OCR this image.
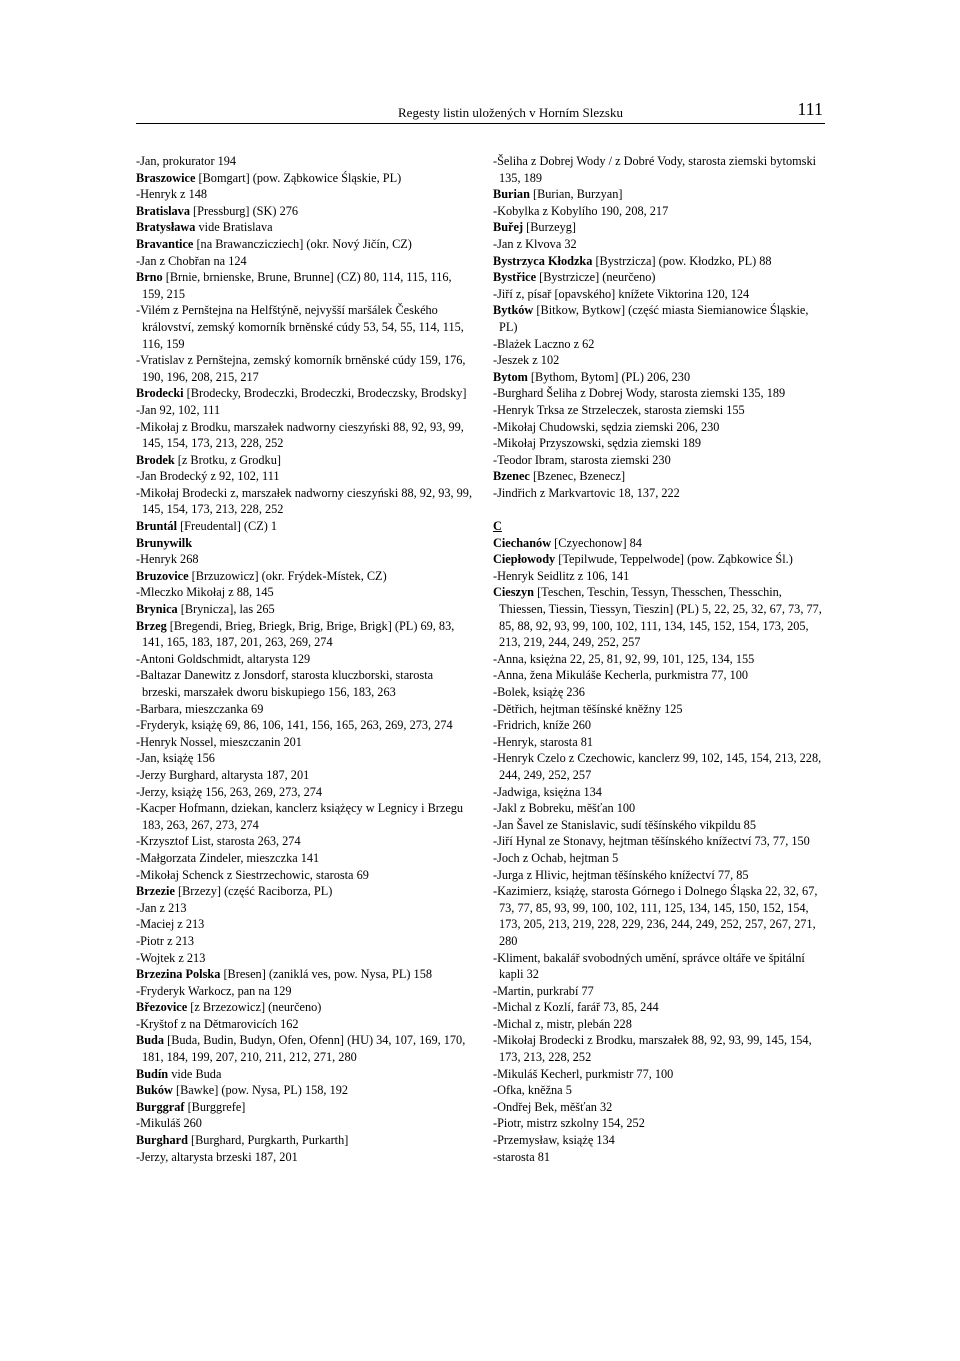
Regesty listin uložených v Horním Slezsku	111
-Jan, prokurator 194
Braszowice [Bomgart] (pow. Ząbkowice Śląskie, PL)
-Henryk z 148
Bratislava [Pressburg] (SK) 276
Bratysława vide Bratislava
Bravantice [na Brawanczicziech] (okr. Nový Jičín, CZ)
-Jan z Chobřan na 124
Brno [Brnie, brnienske, Brune, Brunne] (CZ) 80, 114, 115, 116, 159, 215
-Vilém z Pernštejna na Helfštýně, nejvyšší maršálek Českého království, zemský komorník brněnské cúdy 53, 54, 55, 114, 115, 116, 159
-Vratislav z Pernštejna, zemský komorník brněnské cúdy 159, 176, 190, 196, 208, 215, 217
Brodecki [Brodecky, Brodeczki, Brodeczki, Brodeczsky, Brodsky]
-Jan 92, 102, 111
-Mikołaj z Brodku, marszałek nadworny cieszyński 88, 92, 93, 99, 145, 154, 173, 213, 228, 252
Brodek [z Brotku, z Grodku]
-Jan Brodecký z 92, 102, 111
-Mikołaj Brodecki z, marszałek nadworny cieszyński 88, 92, 93, 99, 145, 154, 173, 213, 228, 252
Bruntál [Freudental] (CZ) 1
Brunywilk
-Henryk 268
Bruzovice [Brzuzowicz] (okr. Frýdek-Místek, CZ)
-Mleczko Mikołaj z 88, 145
Brynica [Brynicza], las 265
Brzeg [Bregendi, Brieg, Briegk, Brig, Brige, Brigk] (PL) 69, 83, 141, 165, 183, 187, 201, 263, 269, 274
-Antoni Goldschmidt, altarysta 129
-Baltazar Danewitz z Jonsdorf, starosta kluczborski, starosta brzeski, marszałek dworu biskupiego 156, 183, 263
-Barbara, mieszczanka 69
-Fryderyk, książę 69, 86, 106, 141, 156, 165, 263, 269, 273, 274
-Henryk Nossel, mieszczanin 201
-Jan, książę 156
-Jerzy Burghard, altarysta 187, 201
-Jerzy, książę 156, 263, 269, 273, 274
-Kacper Hofmann, dziekan, kanclerz książęcy w Legnicy i Brzegu 183, 263, 267, 273, 274
-Krzysztof List, starosta 263, 274
-Małgorzata Zindeler, mieszczka 141
-Mikołaj Schenck z Siestrzechowic, starosta 69
Brzezie [Brzezy] (część Raciborza, PL)
-Jan z 213
-Maciej z 213
-Piotr z 213
-Wojtek z 213
Brzezina Polska [Bresen] (zaniklá ves, pow. Nysa, PL) 158
-Fryderyk Warkocz, pan na 129
Březovice [z Brzezowicz] (neurčeno)
-Kryštof z na Dětmarovicích 162
Buda [Buda, Budin, Budyn, Ofen, Ofenn] (HU) 34, 107, 169, 170, 181, 184, 199, 207, 210, 211, 212, 271, 280
Budín vide Buda
Buków [Bawke] (pow. Nysa, PL) 158, 192
Burggraf [Burggrefe]
-Mikuláš 260
Burghard [Burghard, Purgkarth, Purkarth]
-Jerzy, altarysta brzeski 187, 201
-Šeliha z Dobrej Wody / z Dobré Vody, starosta ziemski bytomski 135, 189
Burian [Burian, Burzyan]
-Kobylka z Kobylího 190, 208, 217
Buřej [Burzeyg]
-Jan z Klvova 32
Bystrzyca Kłodzka [Bystrzicza] (pow. Kłodzko, PL) 88
Bystřice [Bystrzicze] (neurčeno)
-Jiří z, písař [opavského] knížete Viktorina 120, 124
Bytków [Bitkow, Bytkow] (część miasta Siemianowice Śląskie, PL)
-Blażek Laczno z 62
-Jeszek z 102
Bytom [Bythom, Bytom] (PL) 206, 230
-Burghard Šeliha z Dobrej Wody, starosta ziemski 135, 189
-Henryk Trksa ze Strzeleczek, starosta ziemski 155
-Mikołaj Chudowski, sędzia ziemski 206, 230
-Mikołaj Przyszowski, sędzia ziemski 189
-Teodor Ibram, starosta ziemski 230
Bzenec [Bzenec, Bzenecz]
-Jindřich z Markvartovic 18, 137, 222
C
Ciechanów [Czyechonow] 84
Ciepłowody [Tepilwude, Teppelwode] (pow. Ząbkowice Śl.)
-Henryk Seidlitz z 106, 141
Cieszyn [Teschen, Teschin, Tessyn, Thesschen, Thesschin, Thiessen, Tiessin, Tiessyn, Tieszin] (PL) 5, 22, 25, 32, 67, 73, 77, 85, 88, 92, 93, 99, 100, 102, 111, 134, 145, 152, 154, 173, 205, 213, 219, 244, 249, 252, 257
-Anna, księżna 22, 25, 81, 92, 99, 101, 125, 134, 155
-Anna, žena Mikuláše Kecherla, purkmistra 77, 100
-Bolek, książę 236
-Dětřich, hejtman těšínské kněžny 125
-Fridrich, kníže 260
-Henryk, starosta 81
-Henryk Czelo z Czechowic, kanclerz 99, 102, 145, 154, 213, 228, 244, 249, 252, 257
-Jadwiga, księżna 134
-Jakl z Bobreku, měšťan 100
-Jan Šavel ze Stanislavic, sudí těšínského vikpildu 85
-Jiří Hynal ze Stonavy, hejtman těšínského knížectví 73, 77, 150
-Joch z Ochab, hejtman 5
-Jurga z Hlivic, hejtman těšínského knížectví 77, 85
-Kazimierz, książę, starosta Górnego i Dolnego Śląska 22, 32, 67, 73, 77, 85, 93, 99, 100, 102, 111, 125, 134, 145, 150, 152, 154, 173, 205, 213, 219, 228, 229, 236, 244, 249, 252, 257, 267, 271, 280
-Kliment, bakalář svobodných umění, správce oltáře ve špitální kapli 32
-Martin, purkrabí 77
-Michal z Kozlí, farář 73, 85, 244
-Michal z, mistr, plebán 228
-Mikołaj Brodecki z Brodku, marszałek 88, 92, 93, 99, 145, 154, 173, 213, 228, 252
-Mikuláš Kecherl, purkmistr 77, 100
-Ofka, kněžna 5
-Ondřej Bek, měšťan 32
-Piotr, mistrz szkolny 154, 252
-Przemysław, książę 134
-starosta 81
